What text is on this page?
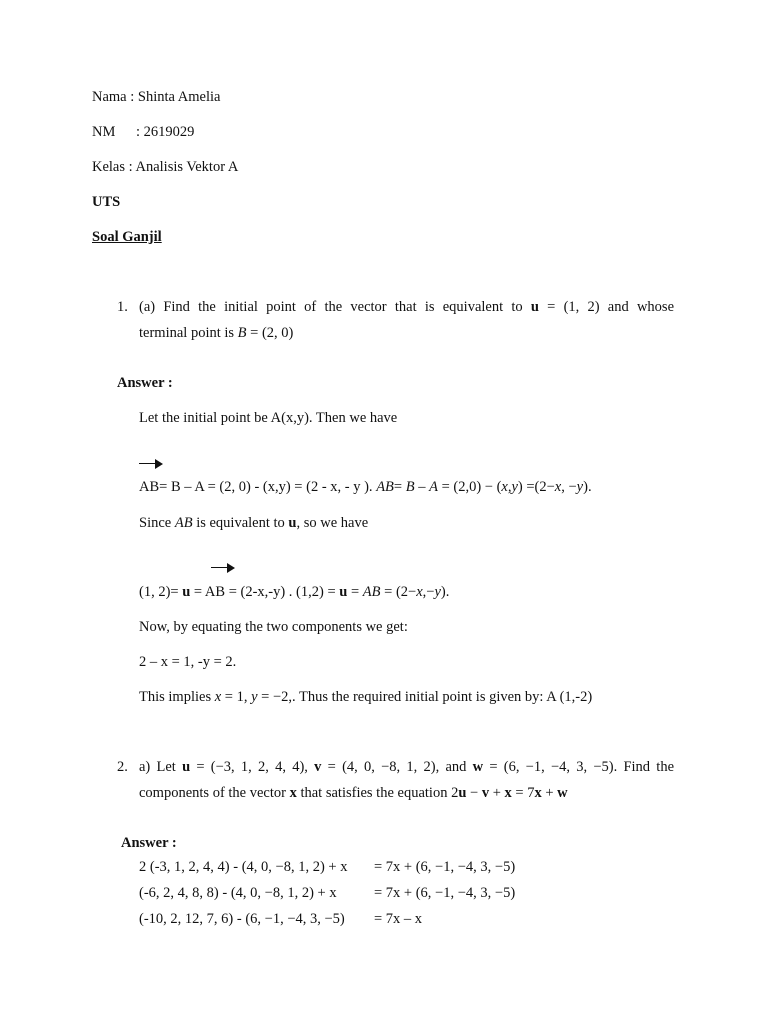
Nama : Shinta Amelia
NM : 2619029
Kelas : Analisis Vektor A
UTS
Soal Ganjil
1. (a) Find the initial point of the vector that is equivalent to u = (1, 2) and whose
terminal point is B = (2, 0)
Answer :
Let the initial point be A(x,y). Then we have
AB= B – A = (2, 0) - (x,y) = (2 - x, - y ). AB= B – A = (2,0) − (x,y) =(2−x, −y).
Since AB is equivalent to u, so we have
(1, 2)= u = AB = (2-x,-y) . (1,2) = u = AB = (2−x,−y).
Now, by equating the two components we get:
2 – x = 1, -y = 2.
This implies x = 1, y = −2,. Thus the required initial point is given by: A (1,-2)
2. a) Let u = (−3, 1, 2, 4, 4), v = (4, 0, −8, 1, 2), and w = (6, −1, −4, 3, −5). Find the
components of the vector x that satisfies the equation 2u − v + x = 7x + w
Answer :
2 (-3, 1, 2, 4, 4) - (4, 0, −8, 1, 2) + x = 7x + (6, −1, −4, 3, −5)
(-6, 2, 4, 8, 8) - (4, 0, −8, 1, 2) + x	= 7x + (6, −1, −4, 3, −5)
(-10, 2, 12, 7, 6) - (6, −1, −4, 3, −5) = 7x – x
